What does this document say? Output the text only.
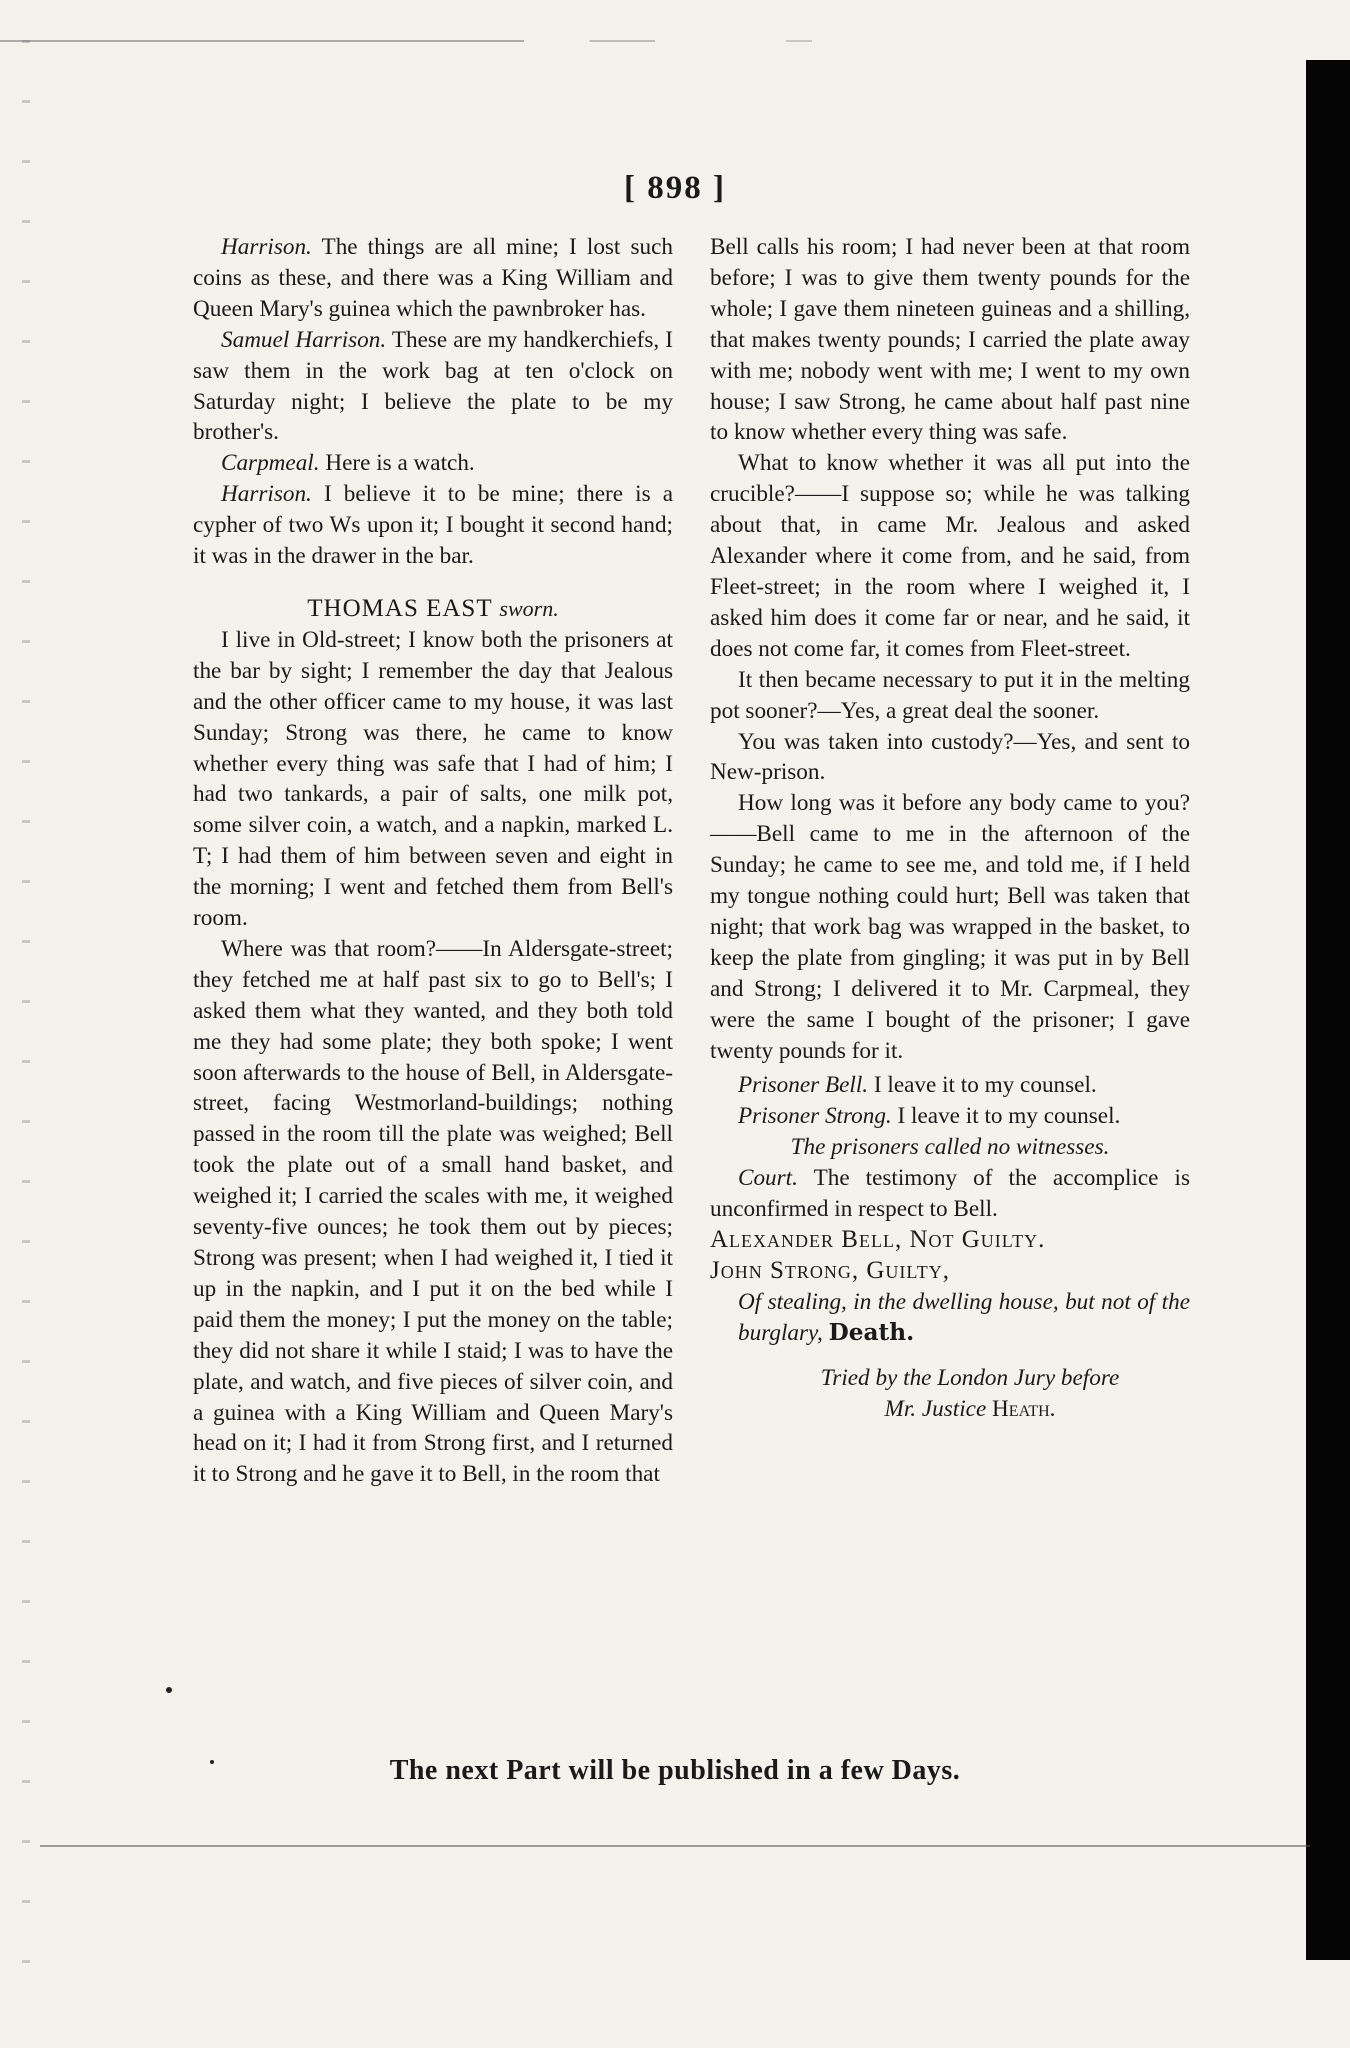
[ 898 ]

Harrison. The things are all mine; I lost such coins as these, and there was a King William and Queen Mary's guinea which the pawnbroker has.

Samuel Harrison. These are my handkerchiefs, I saw them in the work bag at ten o'clock on Saturday night; I believe the plate to be my brother's.

Carpmeal. Here is a watch.

Harrison. I believe it to be mine; there is a cypher of two Ws upon it; I bought it second hand; it was in the drawer in the bar.

THOMAS EAST sworn.

I live in Old-street; I know both the prisoners at the bar by sight; I remember the day that Jealous and the other officer came to my house, it was last Sunday; Strong was there, he came to know whether every thing was safe that I had of him; I had two tankards, a pair of salts, one milk pot, some silver coin, a watch, and a napkin, marked L. T; I had them of him between seven and eight in the morning; I went and fetched them from Bell's room.

Where was that room?——In Aldersgate-street; they fetched me at half past six to go to Bell's; I asked them what they wanted, and they both told me they had some plate; they both spoke; I went soon afterwards to the house of Bell, in Aldersgate-street, facing Westmorland-buildings; nothing passed in the room till the plate was weighed; Bell took the plate out of a small hand basket, and weighed it; I carried the scales with me, it weighed seventy-five ounces; he took them out by pieces; Strong was present; when I had weighed it, I tied it up in the napkin, and I put it on the bed while I paid them the money; I put the money on the table; they did not share it while I staid; I was to have the plate, and watch, and five pieces of silver coin, and a guinea with a King William and Queen Mary's head on it; I had it from Strong first, and I returned it to Strong and he gave it to Bell, in the room that

Bell calls his room; I had never been at that room before; I was to give them twenty pounds for the whole; I gave them nineteen guineas and a shilling, that makes twenty pounds; I carried the plate away with me; nobody went with me; I went to my own house; I saw Strong, he came about half past nine to know whether every thing was safe.

What to know whether it was all put into the crucible?——I suppose so; while he was talking about that, in came Mr. Jealous and asked Alexander where it come from, and he said, from Fleet-street; in the room where I weighed it, I asked him does it come far or near, and he said, it does not come far, it comes from Fleet-street.

It then became necessary to put it in the melting pot sooner?—Yes, a great deal the sooner.

You was taken into custody?—Yes, and sent to New-prison.

How long was it before any body came to you?——Bell came to me in the afternoon of the Sunday; he came to see me, and told me, if I held my tongue nothing could hurt; Bell was taken that night; that work bag was wrapped in the basket, to keep the plate from gingling; it was put in by Bell and Strong; I delivered it to Mr. Carpmeal, they were the same I bought of the prisoner; I gave twenty pounds for it.

Prisoner Bell. I leave it to my counsel.

Prisoner Strong. I leave it to my counsel.

The prisoners called no witnesses.

Court. The testimony of the accomplice is unconfirmed in respect to Bell.

Alexander Bell, Not Guilty.

John Strong, Guilty,

Of stealing, in the dwelling house, but not of the burglary, Death.

Tried by the London Jury before
Mr. Justice Heath.
The next Part will be published in a few Days.
